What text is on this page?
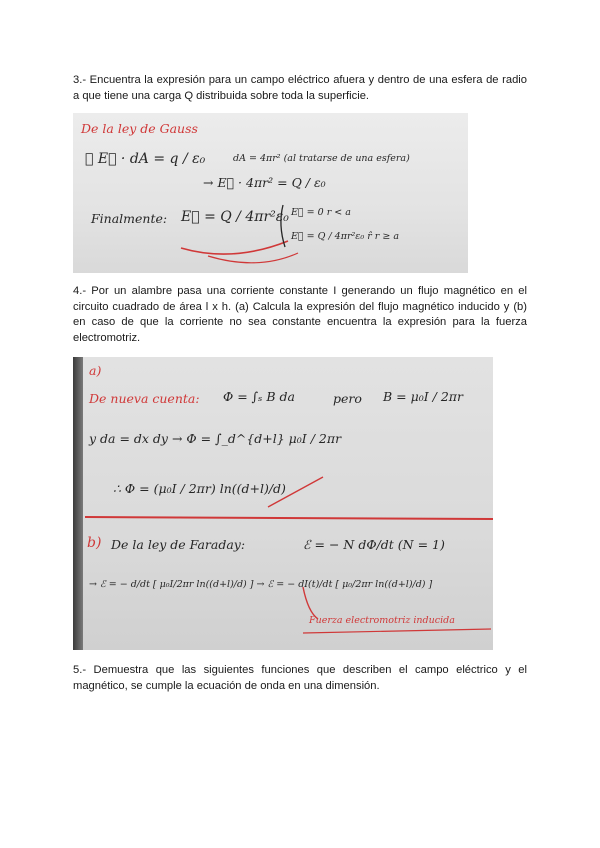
3.- Encuentra la expresión para un campo eléctrico afuera y dentro de una esfera de radio a que tiene una carga Q distribuida sobre toda la superficie.

De la ley de Gauss
∮ E⃗ · dA = q / ε₀	dA = 4πr² (al tratarse de una esfera)
→ E⃗ · 4πr² = Q / ε₀
Finalmente: E⃗ = Q / 4πr²ε₀ E⃗ = 0 r < a
E⃗ = Q / 4πr²ε₀ r̂ r ≥ a

4.- Por un alambre pasa una corriente constante I generando un flujo magnético en el circuito cuadrado de área l x h. (a) Calcula la expresión del flujo magnético inducido y (b) en caso de que la corriente no sea constante encuentra la expresión para la fuerza electromotriz.

a)
De nueva cuenta: Φ = ∫ₛ B da	pero B = μ₀I / 2πr
y da = dx dy → Φ = ∫_d^{d+l} μ₀I / 2πr
∴ Φ = (μ₀I / 2πr) ln((d+l)/d)
b) De la ley de Faraday:	ℰ = − N dΦ/dt (N = 1)
→ ℰ = − d/dt [ μ₀I/2πr ln((d+l)/d) ] → ℰ = − dI(t)/dt [ μ₀/2πr ln((d+l)/d) ]
Fuerza electromotriz inducida

5.- Demuestra que las siguientes funciones que describen el campo eléctrico y el magnético, se cumple la ecuación de onda en una dimensión.
